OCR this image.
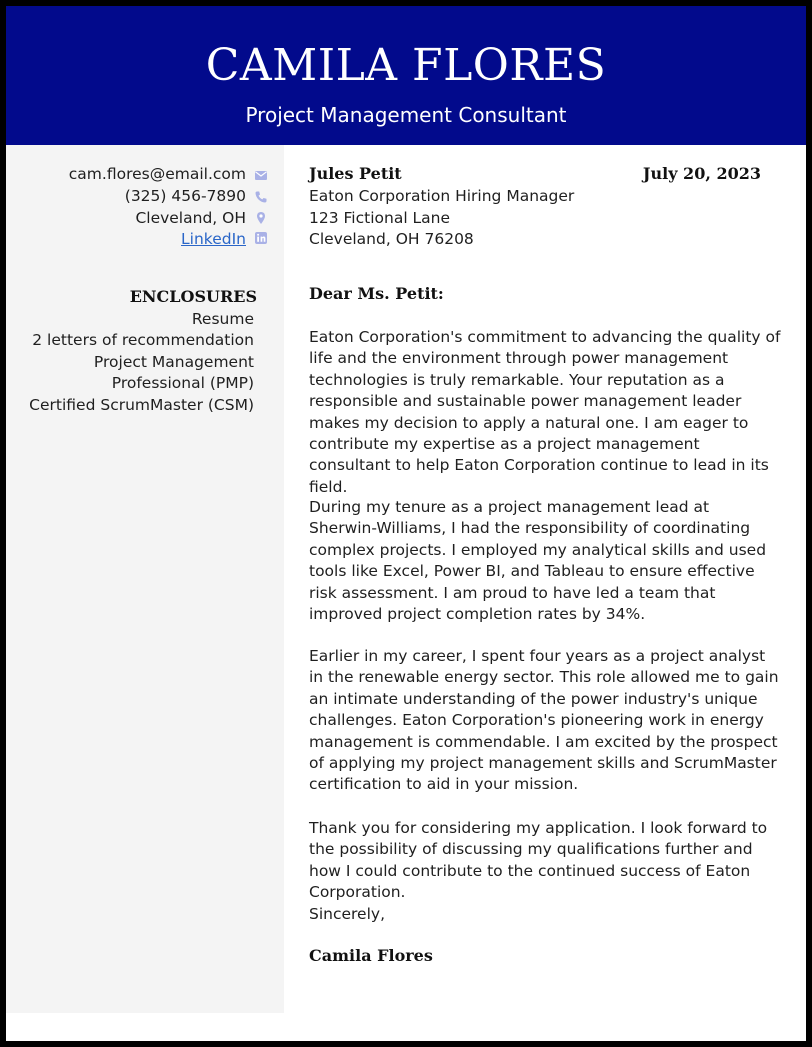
CAMILA FLORES
Project Management Consultant
cam.flores@email.com
(325) 456-7890
Cleveland, OH
LinkedIn
ENCLOSURES
Resume
2 letters of recommendation
Project Management
Professional (PMP)
Certified ScrumMaster (CSM)
Jules Petit	July 20, 2023
Eaton Corporation Hiring Manager
123 Fictional Lane
Cleveland, OH 76208
Dear Ms. Petit:

Eaton Corporation's commitment to advancing the quality of life and the environment through power management technologies is truly remarkable. Your reputation as a responsible and sustainable power management leader makes my decision to apply a natural one. I am eager to contribute my expertise as a project management consultant to help Eaton Corporation continue to lead in its field.

During my tenure as a project management lead at Sherwin-Williams, I had the responsibility of coordinating complex projects. I employed my analytical skills and used tools like Excel, Power BI, and Tableau to ensure effective risk assessment. I am proud to have led a team that improved project completion rates by 34%.

Earlier in my career, I spent four years as a project analyst in the renewable energy sector. This role allowed me to gain an intimate understanding of the power industry's unique challenges. Eaton Corporation's pioneering work in energy management is commendable. I am excited by the prospect of applying my project management skills and ScrumMaster certification to aid in your mission.

Thank you for considering my application. I look forward to the possibility of discussing my qualifications further and how I could contribute to the continued success of Eaton Corporation.

Sincerely,
Camila Flores
